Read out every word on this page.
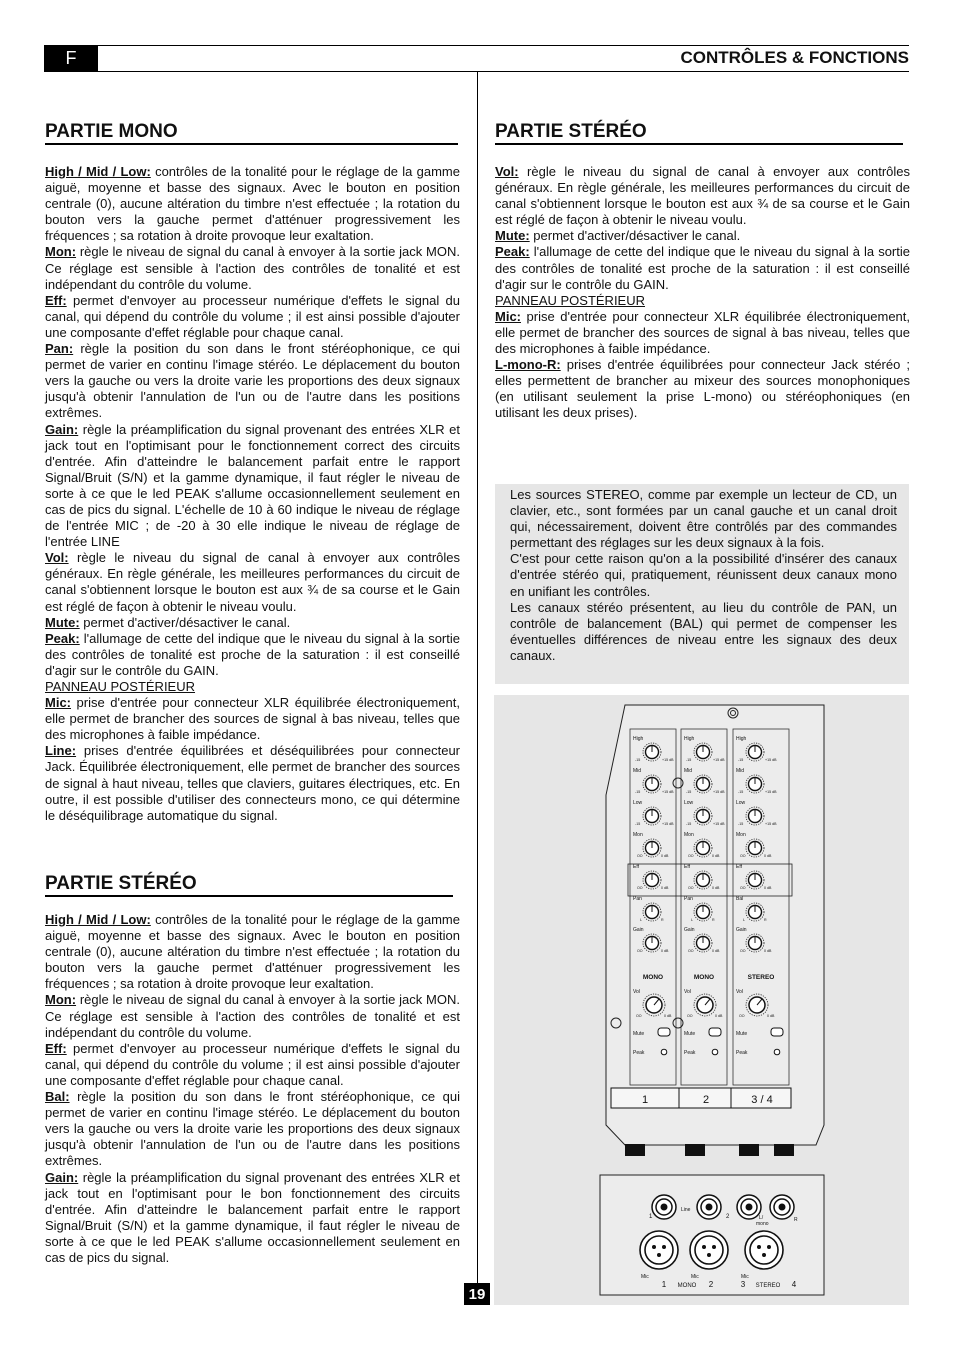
F	CONTRÔLES & FONCTIONS
PARTIE MONO

High / Mid / Low: contrôles de la tonalité pour le réglage de la gamme aiguë, moyenne et basse des signaux. Avec le bouton en position centrale (0), aucune altération du timbre n'est effectuée ; la rotation du bouton vers la gauche permet d'atténuer progressivement les fréquences ; sa rotation à droite provoque leur exaltation.

Mon: règle le niveau de signal du canal à envoyer à la sortie jack MON. Ce réglage est sensible à l'action des contrôles de tonalité et est indépendant du contrôle du volume.

Eff: permet d'envoyer au processeur numérique d'effets le signal du canal, qui dépend du contrôle du volume ; il est ainsi possible d'ajouter une composante d'effet réglable pour chaque canal.

Pan: règle la position du son dans le front stéréophonique, ce qui permet de varier en continu l'image stéréo. Le déplacement du bouton vers la gauche ou vers la droite varie les proportions des deux signaux jusqu'à obtenir l'annulation de l'un ou de l'autre dans les positions extrêmes.

Gain: règle la préamplification du signal provenant des entrées XLR et jack tout en l'optimisant pour le fonctionnement correct des circuits d'entrée. Afin d'atteindre le balancement parfait entre le rapport Signal/Bruit (S/N) et la gamme dynamique, il faut régler le niveau de sorte à ce que le led PEAK s'allume occasionnellement seulement en cas de pics du signal. L'échelle de 10 à 60 indique le niveau de réglage de l'entrée MIC ; de -20 à 30 elle indique le niveau de réglage de l'entrée LINE

Vol: règle le niveau du signal de canal à envoyer aux contrôles généraux. En règle générale, les meilleures performances du circuit de canal s'obtiennent lorsque le bouton est aux ¾ de sa course et le Gain est réglé de façon à obtenir le niveau voulu.

Mute: permet d'activer/désactiver le canal.

Peak: l'allumage de cette del indique que le niveau du signal à la sortie des contrôles de tonalité est proche de la saturation : il est conseillé d'agir sur le contrôle du GAIN.

PANNEAU POSTÉRIEUR

Mic: prise d'entrée pour connecteur XLR équilibrée électroniquement, elle permet de brancher des sources de signal à bas niveau, telles que des microphones à faible impédance.

Line: prises d'entrée équilibrées et déséquilibrées pour connecteur Jack. Équilibrée électroniquement, elle permet de brancher des sources de signal à haut niveau, telles que claviers, guitares électriques, etc. En outre, il est possible d'utiliser des connecteurs mono, ce qui détermine le déséquilibrage automatique du signal.

PARTIE STÉRÉO

High / Mid / Low: contrôles de la tonalité pour le réglage de la gamme aiguë, moyenne et basse des signaux. Avec le bouton en position centrale (0), aucune altération du timbre n'est effectuée ; la rotation du bouton vers la gauche permet d'atténuer progressivement les fréquences ; sa rotation à droite provoque leur exaltation.

Mon: règle le niveau de signal du canal à envoyer à la sortie jack MON. Ce réglage est sensible à l'action des contrôles de tonalité et est indépendant du contrôle du volume.

Eff: permet d'envoyer au processeur numérique d'effets le signal du canal, qui dépend du contrôle du volume ; il est ainsi possible d'ajouter une composante d'effet réglable pour chaque canal.

Bal: règle la position du son dans le front stéréophonique, ce qui permet de varier en continu l'image stéréo. Le déplacement du bouton vers la gauche ou vers la droite varie les proportions des deux signaux jusqu'à obtenir l'annulation de l'un ou de l'autre dans les positions extrêmes.

Gain: règle la préamplification du signal provenant des entrées XLR et jack tout en l'optimisant pour le bon fonctionnement des circuits d'entrée. Afin d'atteindre le balancement parfait entre le rapport Signal/Bruit (S/N) et la gamme dynamique, il faut régler le niveau de sorte à ce que le led PEAK s'allume occasionnellement seulement en cas de pics du signal.

PARTIE STÉRÉO

Vol: règle le niveau du signal de canal à envoyer aux contrôles généraux. En règle générale, les meilleures performances du circuit de canal s'obtiennent lorsque le bouton est aux ¾ de sa course et le Gain est réglé de façon à obtenir le niveau voulu.

Mute: permet d'activer/désactiver le canal.

Peak: l'allumage de cette del indique que le niveau du signal à la sortie des contrôles de tonalité est proche de la saturation : il est conseillé d'agir sur le contrôle du GAIN.

PANNEAU POSTÉRIEUR

Mic: prise d'entrée pour connecteur XLR équilibrée électroniquement, elle permet de brancher des sources de signal à bas niveau, telles que des microphones à faible impédance.

L-mono-R: prises d'entrée équilibrées pour connecteur Jack stéréo ; elles permettent de brancher au mixeur des sources monophoniques (en utilisant seulement la prise L-mono) ou stéréophoniques (en utilisant les deux prises).

Les sources STEREO, comme par exemple un lecteur de CD, un clavier, etc., sont formées par un canal gauche et un canal droit qui, nécessairement, doivent être contrôlés par des commandes permettant des réglages sur les deux signaux à la fois.

C'est pour cette raison qu'on a la possibilité d'insérer des canaux d'entrée stéréo qui, pratiquement, réunissent deux canaux mono en unifiant les contrôles.

Les canaux stéréo présentent, au lieu du contrôle de PAN, un contrôle de balancement (BAL) qui permet de compenser les éventuelles différences de niveau entre les signaux des deux canaux.

High
-15	+15 dB
Mid
-15	+15 dB
Low
-15	+15 dB
Mon
OO	0 dB
Eff
OO	0 dB
Pan
L	R
Gain
OO	0 dB
MONO
Vol
OO	0 dB
Mute
Peak
High
-15	+15 dB
Mid
-15	+15 dB
Low
-15	+15 dB
Mon
OO	0 dB
Eff
OO	0 dB
Pan
L	R
Gain
OO	0 dB
MONO
Vol
OO	0 dB
Mute
Peak
High
-15	+15 dB
Mid
-15	+15 dB
Low
-15	+15 dB
Mon
OO	0 dB
Eff
OO	0 dB
Bal
L	R
Gain
OO	0 dB
STEREO
Vol
OO	0 dB
Mute
Peak
1	2	3 / 4
1	2
Line
L/
mono
R
Mic	Mic	Mic
1 MONO 2	3 STEREO 4
19
